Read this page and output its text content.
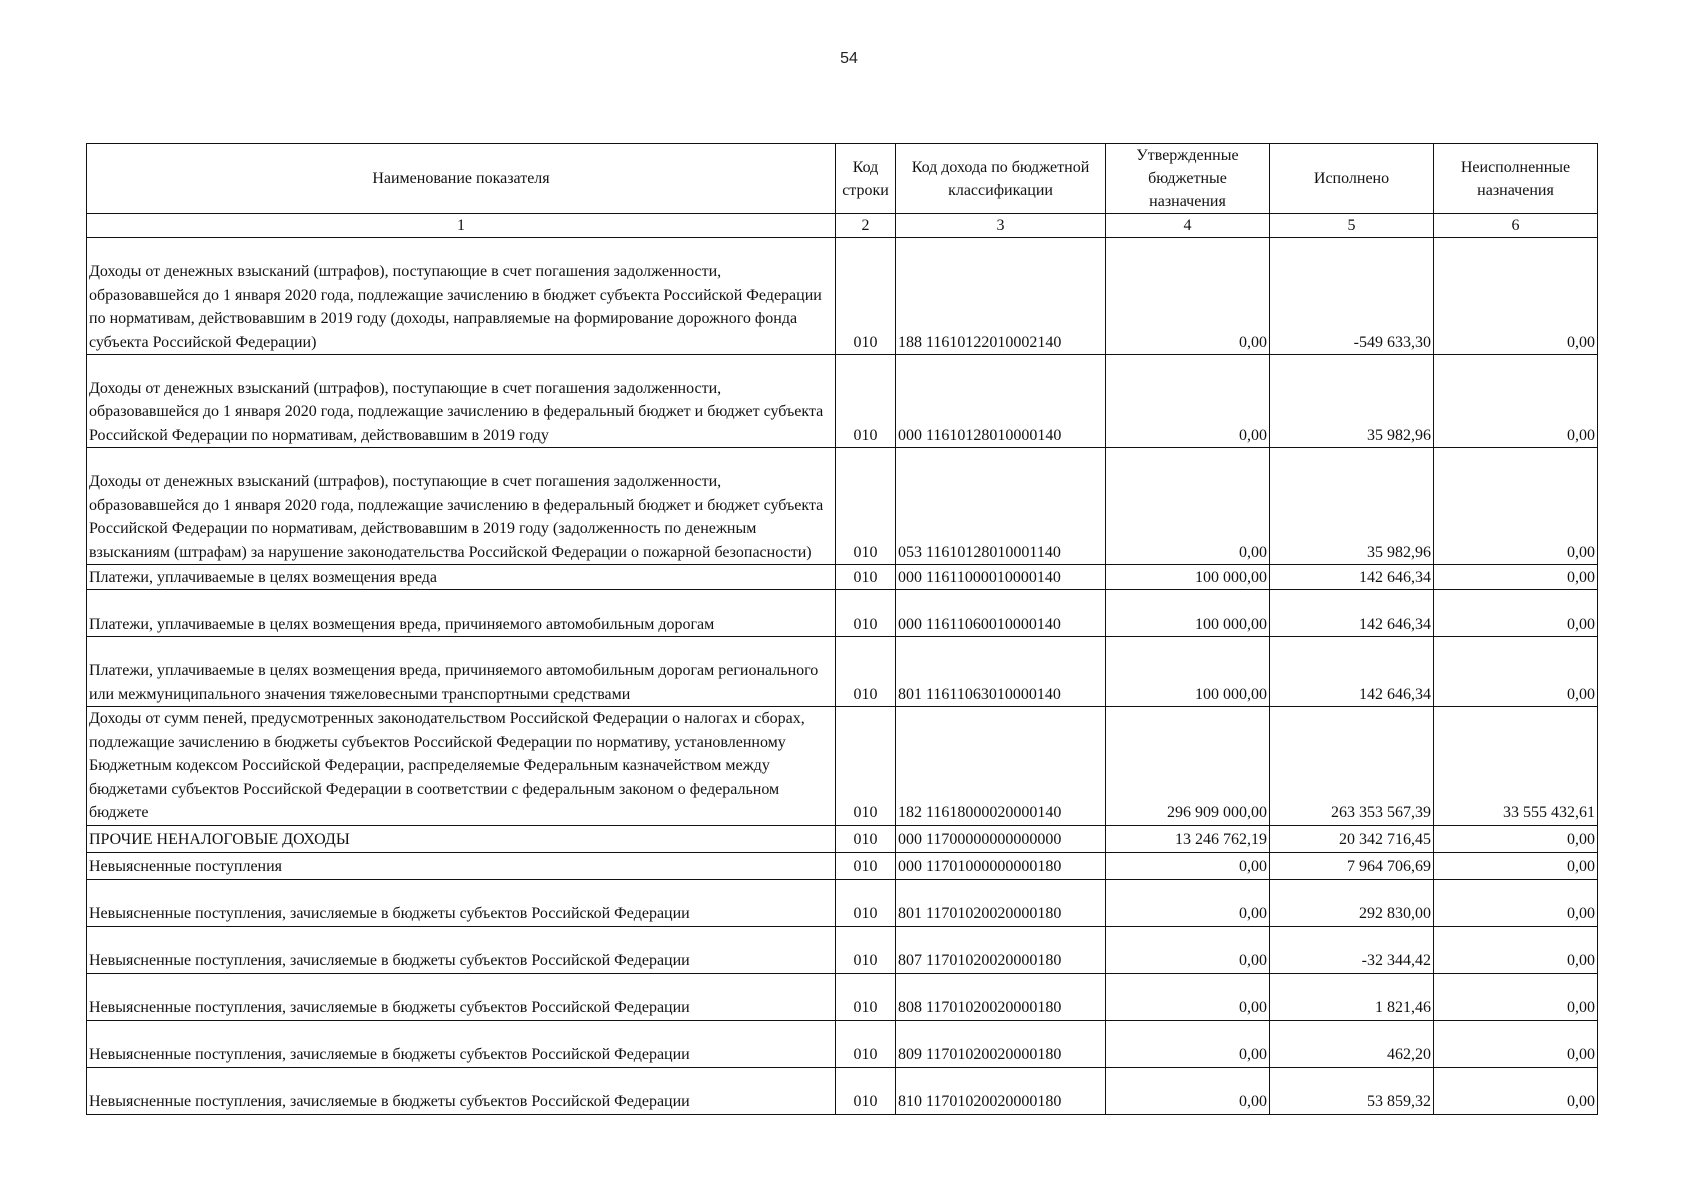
54
Наименование показателя	Код строки	Код дохода по бюджетной классификации	Утвержденные бюджетные назначения	Исполнено	Неисполненные назначения
1	2	3	4	5	6
Доходы от денежных взысканий (штрафов), поступающие в счет погашения задолженности, образовавшейся до 1 января 2020 года, подлежащие зачислению в бюджет субъекта Российской Федерации по нормативам, действовавшим в 2019 году (доходы, направляемые на формирование дорожного фонда субъекта Российской Федерации)	010	188 11610122010002140	0,00	-549 633,30	0,00
Доходы от денежных взысканий (штрафов), поступающие в счет погашения задолженности, образовавшейся до 1 января 2020 года, подлежащие зачислению в федеральный бюджет и бюджет субъекта Российской Федерации по нормативам, действовавшим в 2019 году	010	000 11610128010000140	0,00	35 982,96	0,00
Доходы от денежных взысканий (штрафов), поступающие в счет погашения задолженности, образовавшейся до 1 января 2020 года, подлежащие зачислению в федеральный бюджет и бюджет субъекта Российской Федерации по нормативам, действовавшим в 2019 году (задолженность по денежным взысканиям (штрафам) за нарушение законодательства Российской Федерации о пожарной безопасности)	010	053 11610128010001140	0,00	35 982,96	0,00
Платежи, уплачиваемые в целях возмещения вреда	010	000 11611000010000140	100 000,00	142 646,34	0,00
Платежи, уплачиваемые в целях возмещения вреда, причиняемого автомобильным дорогам	010	000 11611060010000140	100 000,00	142 646,34	0,00
Платежи, уплачиваемые в целях возмещения вреда, причиняемого автомобильным дорогам регионального или межмуниципального значения тяжеловесными транспортными средствами	010	801 11611063010000140	100 000,00	142 646,34	0,00
Доходы от сумм пеней, предусмотренных законодательством Российской Федерации о налогах и сборах, подлежащие зачислению в бюджеты субъектов Российской Федерации по нормативу, установленному Бюджетным кодексом Российской Федерации, распределяемые Федеральным казначейством между бюджетами субъектов Российской Федерации в соответствии с федеральным законом о федеральном бюджете	010	182 11618000020000140	296 909 000,00	263 353 567,39	33 555 432,61
ПРОЧИЕ НЕНАЛОГОВЫЕ ДОХОДЫ	010	000 11700000000000000	13 246 762,19	20 342 716,45	0,00
Невыясненные поступления	010	000 11701000000000180	0,00	7 964 706,69	0,00
Невыясненные поступления, зачисляемые в бюджеты субъектов Российской Федерации	010	801 11701020020000180	0,00	292 830,00	0,00
Невыясненные поступления, зачисляемые в бюджеты субъектов Российской Федерации	010	807 11701020020000180	0,00	-32 344,42	0,00
Невыясненные поступления, зачисляемые в бюджеты субъектов Российской Федерации	010	808 11701020020000180	0,00	1 821,46	0,00
Невыясненные поступления, зачисляемые в бюджеты субъектов Российской Федерации	010	809 11701020020000180	0,00	462,20	0,00
Невыясненные поступления, зачисляемые в бюджеты субъектов Российской Федерации	010	810 11701020020000180	0,00	53 859,32	0,00
